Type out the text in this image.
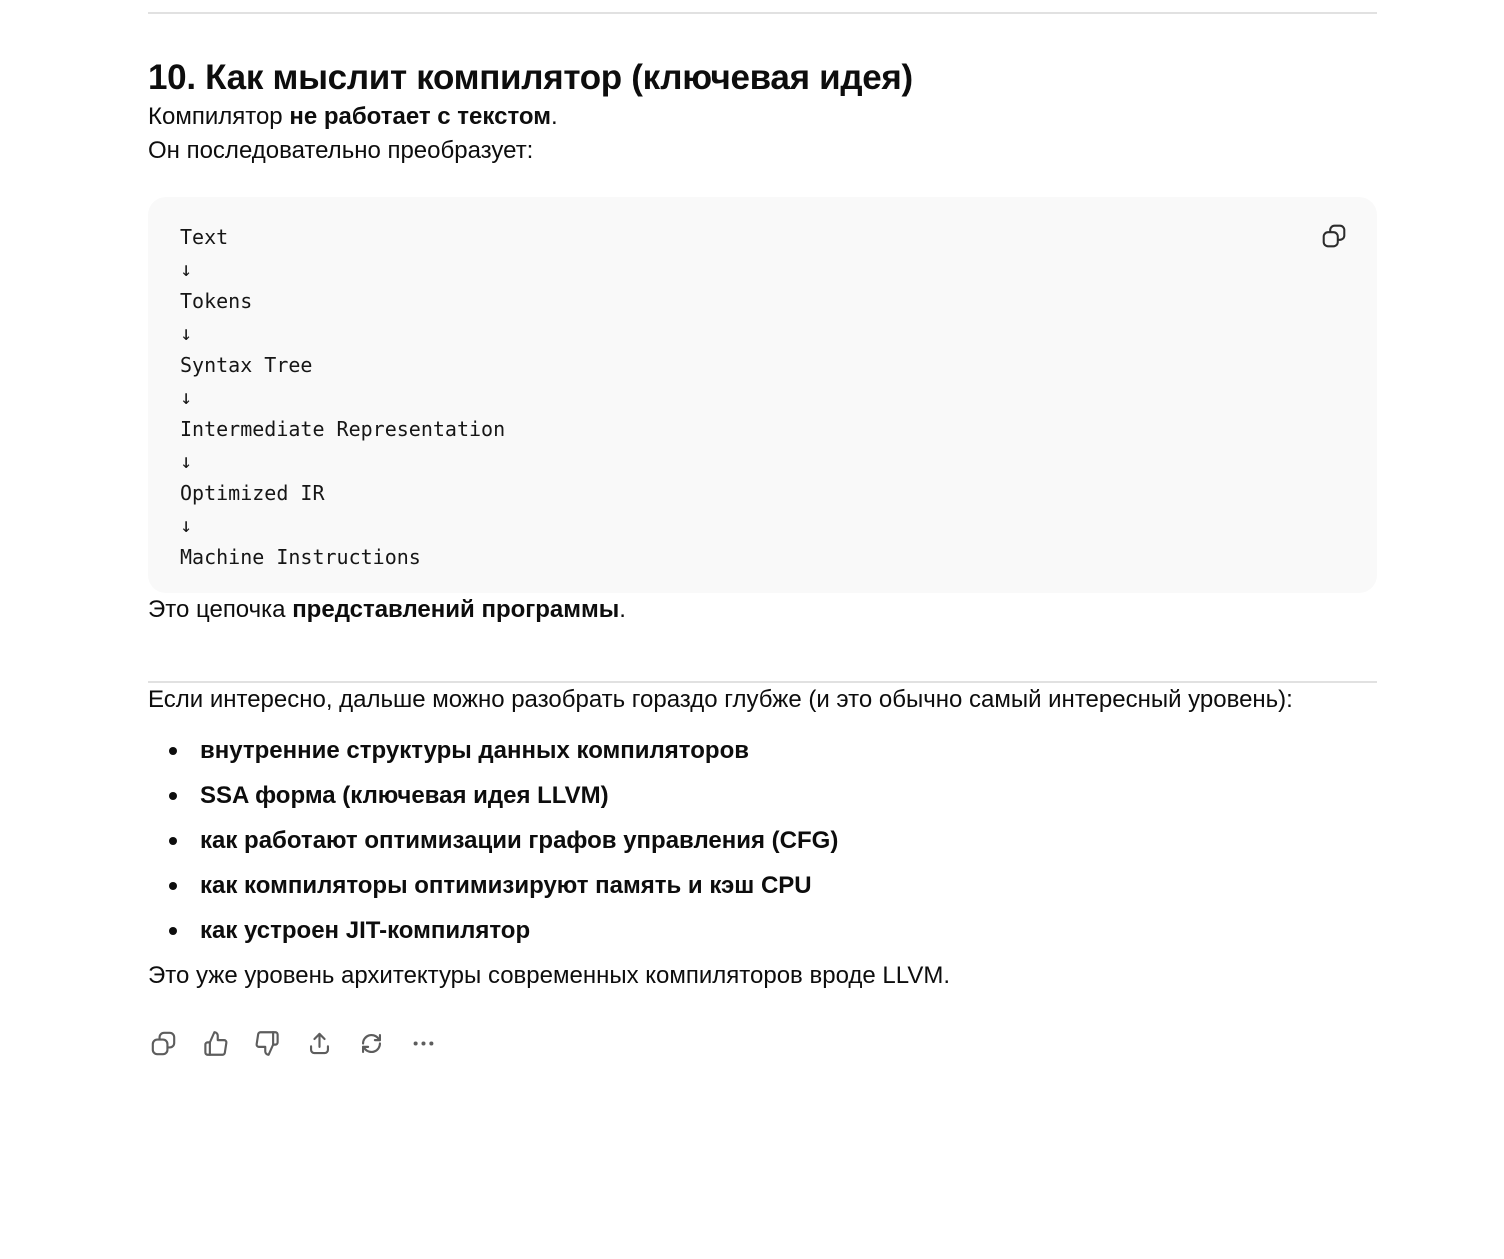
10. Как мыслит компилятор (ключевая идея)

Компилятор не работает с текстом.

Он последовательно преобразует:

Text
↓
Tokens
↓
Syntax Tree
↓
Intermediate Representation
↓
Optimized IR
↓
Machine Instructions

Это цепочка представлений программы.

Если интересно, дальше можно разобрать гораздо глубже (и это обычно самый интересный уровень):

внутренние структуры данных компиляторов
SSA форма (ключевая идея LLVM)
как работают оптимизации графов управления (CFG)
как компиляторы оптимизируют память и кэш CPU
как устроен JIT-компилятор

Это уже уровень архитектуры современных компиляторов вроде LLVM.
